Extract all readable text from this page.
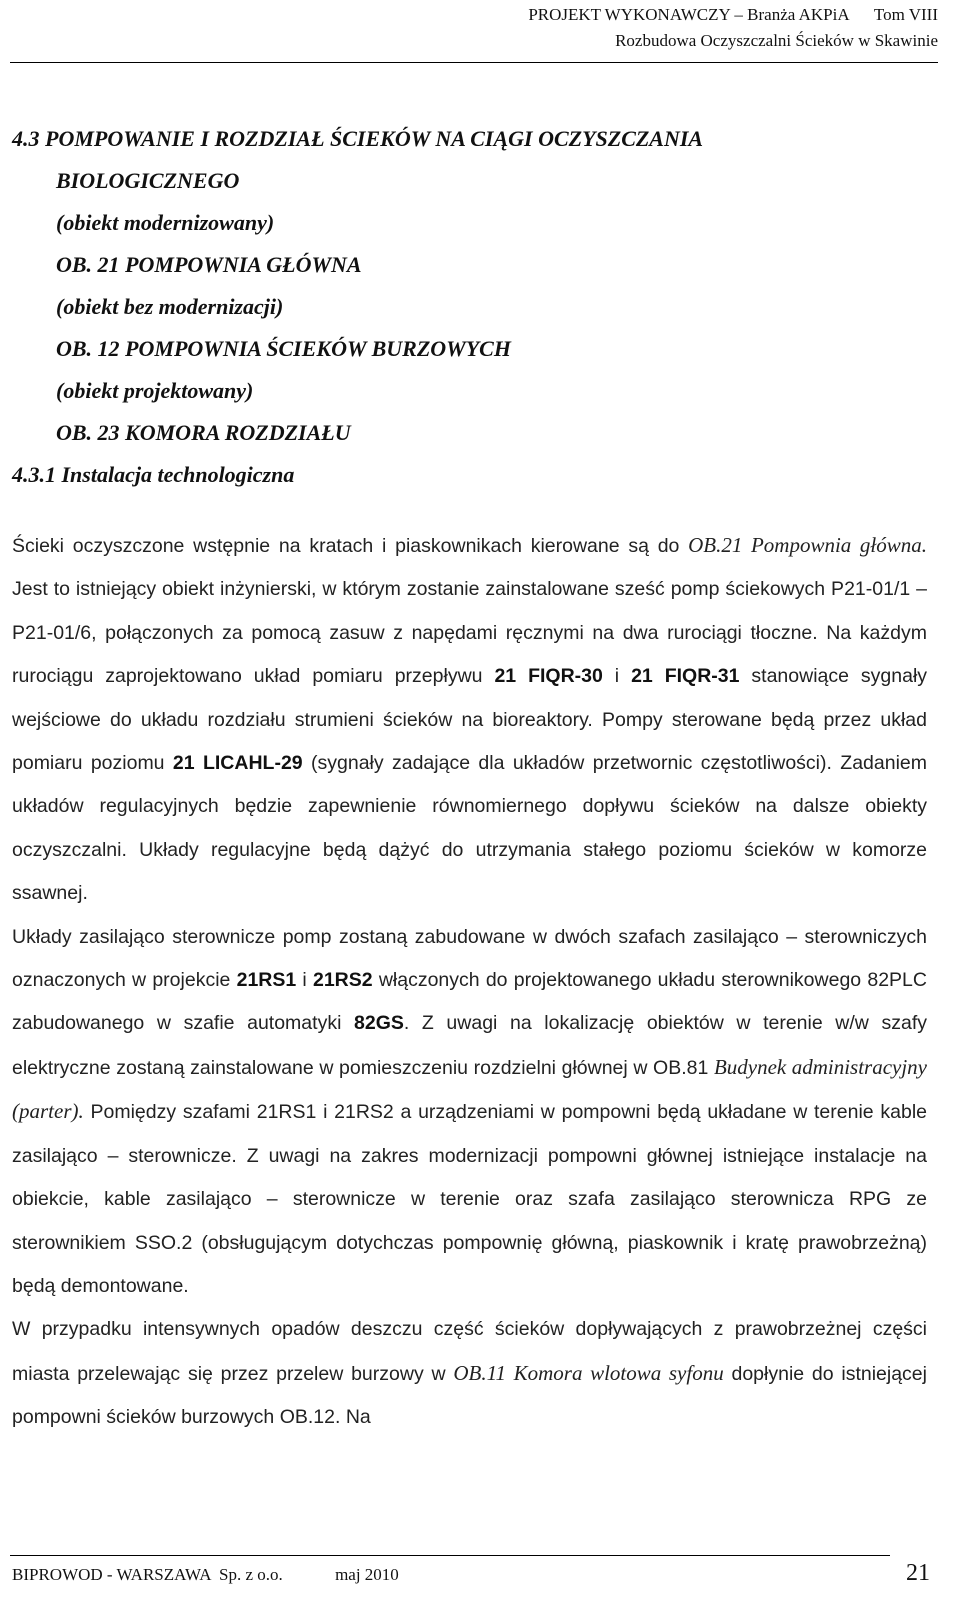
PROJEKT WYKONAWCZY – Branża AKPiA      Tom VIII
Rozbudowa Oczyszczalni Ścieków w Skawinie
4.3 POMPOWANIE I ROZDZIAŁ ŚCIEKÓW NA CIĄGI OCZYSZCZANIA
BIOLOGICZNEGO
(obiekt modernizowany)
OB. 21 POMPOWNIA GŁÓWNA
(obiekt bez modernizacji)
OB. 12 POMPOWNIA ŚCIEKÓW BURZOWYCH
(obiekt projektowany)
OB. 23 KOMORA ROZDZIAŁU
4.3.1 Instalacja technologiczna

Ścieki oczyszczone wstępnie na kratach i piaskownikach kierowane są do OB.21 Pompownia główna. Jest to istniejący obiekt inżynierski, w którym zostanie zainstalowane sześć pomp ściekowych P21-01/1 – P21-01/6, połączonych za pomocą zasuw z napędami ręcznymi na dwa rurociągi tłoczne. Na każdym rurociągu zaprojektowano układ pomiaru przepływu 21 FIQR-30 i 21 FIQR-31 stanowiące sygnały wejściowe do układu rozdziału strumieni ścieków na bioreaktory. Pompy sterowane będą przez układ pomiaru poziomu 21 LICAHL-29 (sygnały zadające dla układów przetwornic częstotliwości). Zadaniem układów regulacyjnych będzie zapewnienie równomiernego dopływu ścieków na dalsze obiekty oczyszczalni. Układy regulacyjne będą dążyć do utrzymania stałego poziomu ścieków w komorze ssawnej.

Układy zasilająco sterownicze pomp zostaną zabudowane w dwóch szafach zasilająco – sterowniczych oznaczonych w projekcie 21RS1 i 21RS2 włączonych do projektowanego układu sterownikowego 82PLC zabudowanego w szafie automatyki 82GS. Z uwagi na lokalizację obiektów w terenie w/w szafy elektryczne zostaną zainstalowane w pomieszczeniu rozdzielni głównej w OB.81 Budynek administracyjny (parter). Pomiędzy szafami 21RS1 i 21RS2 a urządzeniami w pompowni będą układane w terenie kable zasilająco – sterownicze. Z uwagi na zakres modernizacji pompowni głównej istniejące instalacje na obiekcie, kable zasilająco – sterownicze w terenie oraz szafa zasilająco sterownicza RPG ze sterownikiem SSO.2 (obsługującym dotychczas pompownię główną, piaskownik i kratę prawobrzeżną) będą demontowane.

W przypadku intensywnych opadów deszczu część ścieków dopływających z prawobrzeżnej części miasta przelewając się przez przelew burzowy w OB.11 Komora wlotowa syfonu dopłynie do istniejącej pompowni ścieków burzowych OB.12. Na

BIPROWOD - WARSZAWA  Sp. z o.o.	maj 2010	21
